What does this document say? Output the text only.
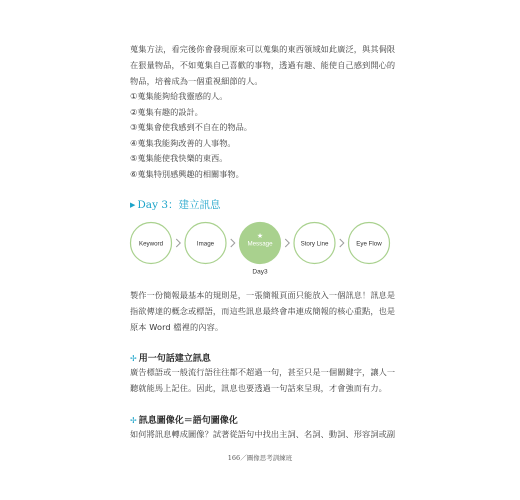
蒐集方法，看完後你會發現原來可以蒐集的東西領域如此廣泛，與其侷限
在狠量物品，不如蒐集自己喜歡的事物，透過有趣、能使自己感到開心的
物品，培養成為一個重視細節的人。

①蒐集能夠給我靈感的人。
②蒐集有趣的設計。
③蒐集會使我感到不自在的物品。
④蒐集我能夠改善的人事物。
⑤蒐集能使我快樂的東西。
⑥蒐集特別感興趣的相關事物。
▶ Day 3：建立訊息
Keyword	Image	Message
★
Day3
Story Line	Eye Flow

製作一份簡報最基本的規則是，一張簡報頁面只能放入一個訊息！訊息是
指欲傳達的概念或標語，而這些訊息最終會串連成簡報的核心重點，也是
原本 Word 檔裡的內容。

✢ 用一句話建立訊息

廣告標語或一般流行語往往都不超過一句，甚至只是一個關鍵字，讓人一
聽就能馬上記住。因此，訊息也要透過一句話來呈現，才會強而有力。

✢ 訊息圖像化＝語句圖像化

如何將訊息轉成圖像？試著從語句中找出主詞、名詞、動詞、形容詞或副

166／圖像思考訓練班
